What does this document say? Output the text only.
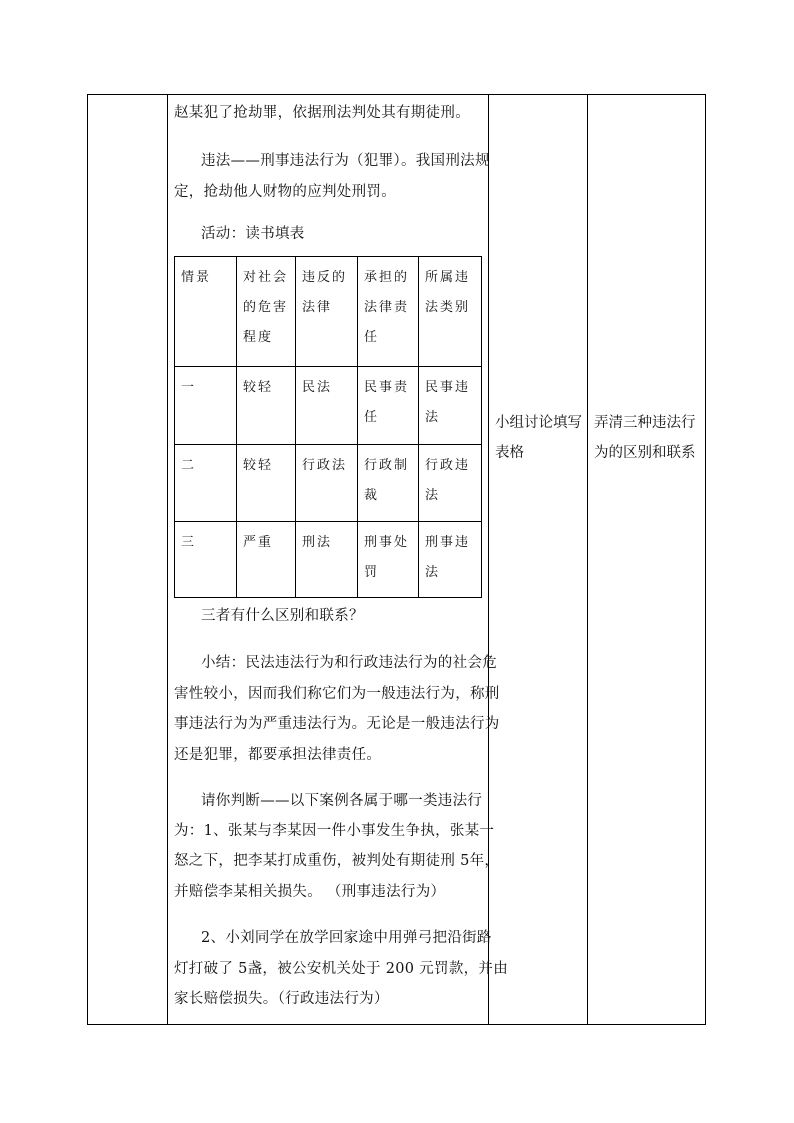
赵某犯了抢劫罪，依据刑法判处其有期徒刑。
违法——刑事违法行为（犯罪）。我国刑法规
定，抢劫他人财物的应判处刑罚。
活动：读书填表
情景	对社会的危害程度	违反的法律	承担的法律责任	所属违法类别
一	较轻	民法	民事责任	民事违法
二	较轻	行政法	行政制裁	行政违法
三	严重	刑法	刑事处罚	刑事违法
三者有什么区别和联系？
小结：民法违法行为和行政违法行为的社会危
害性较小，因而我们称它们为一般违法行为，称刑
事违法行为为严重违法行为。无论是一般违法行为
还是犯罪，都要承担法律责任。
请你判断——以下案例各属于哪一类违法行
为：1、张某与李某因一件小事发生争执，张某一
怒之下，把李某打成重伤，被判处有期徒刑 5年，
并赔偿李某相关损失。 （刑事违法行为）
2、小刘同学在放学回家途中用弹弓把沿街路
灯打破了 5盏，被公安机关处于 200 元罚款，并由
家长赔偿损失。（行政违法行为）
小组讨论填写
表格
弄清三种违法行
为的区别和联系
